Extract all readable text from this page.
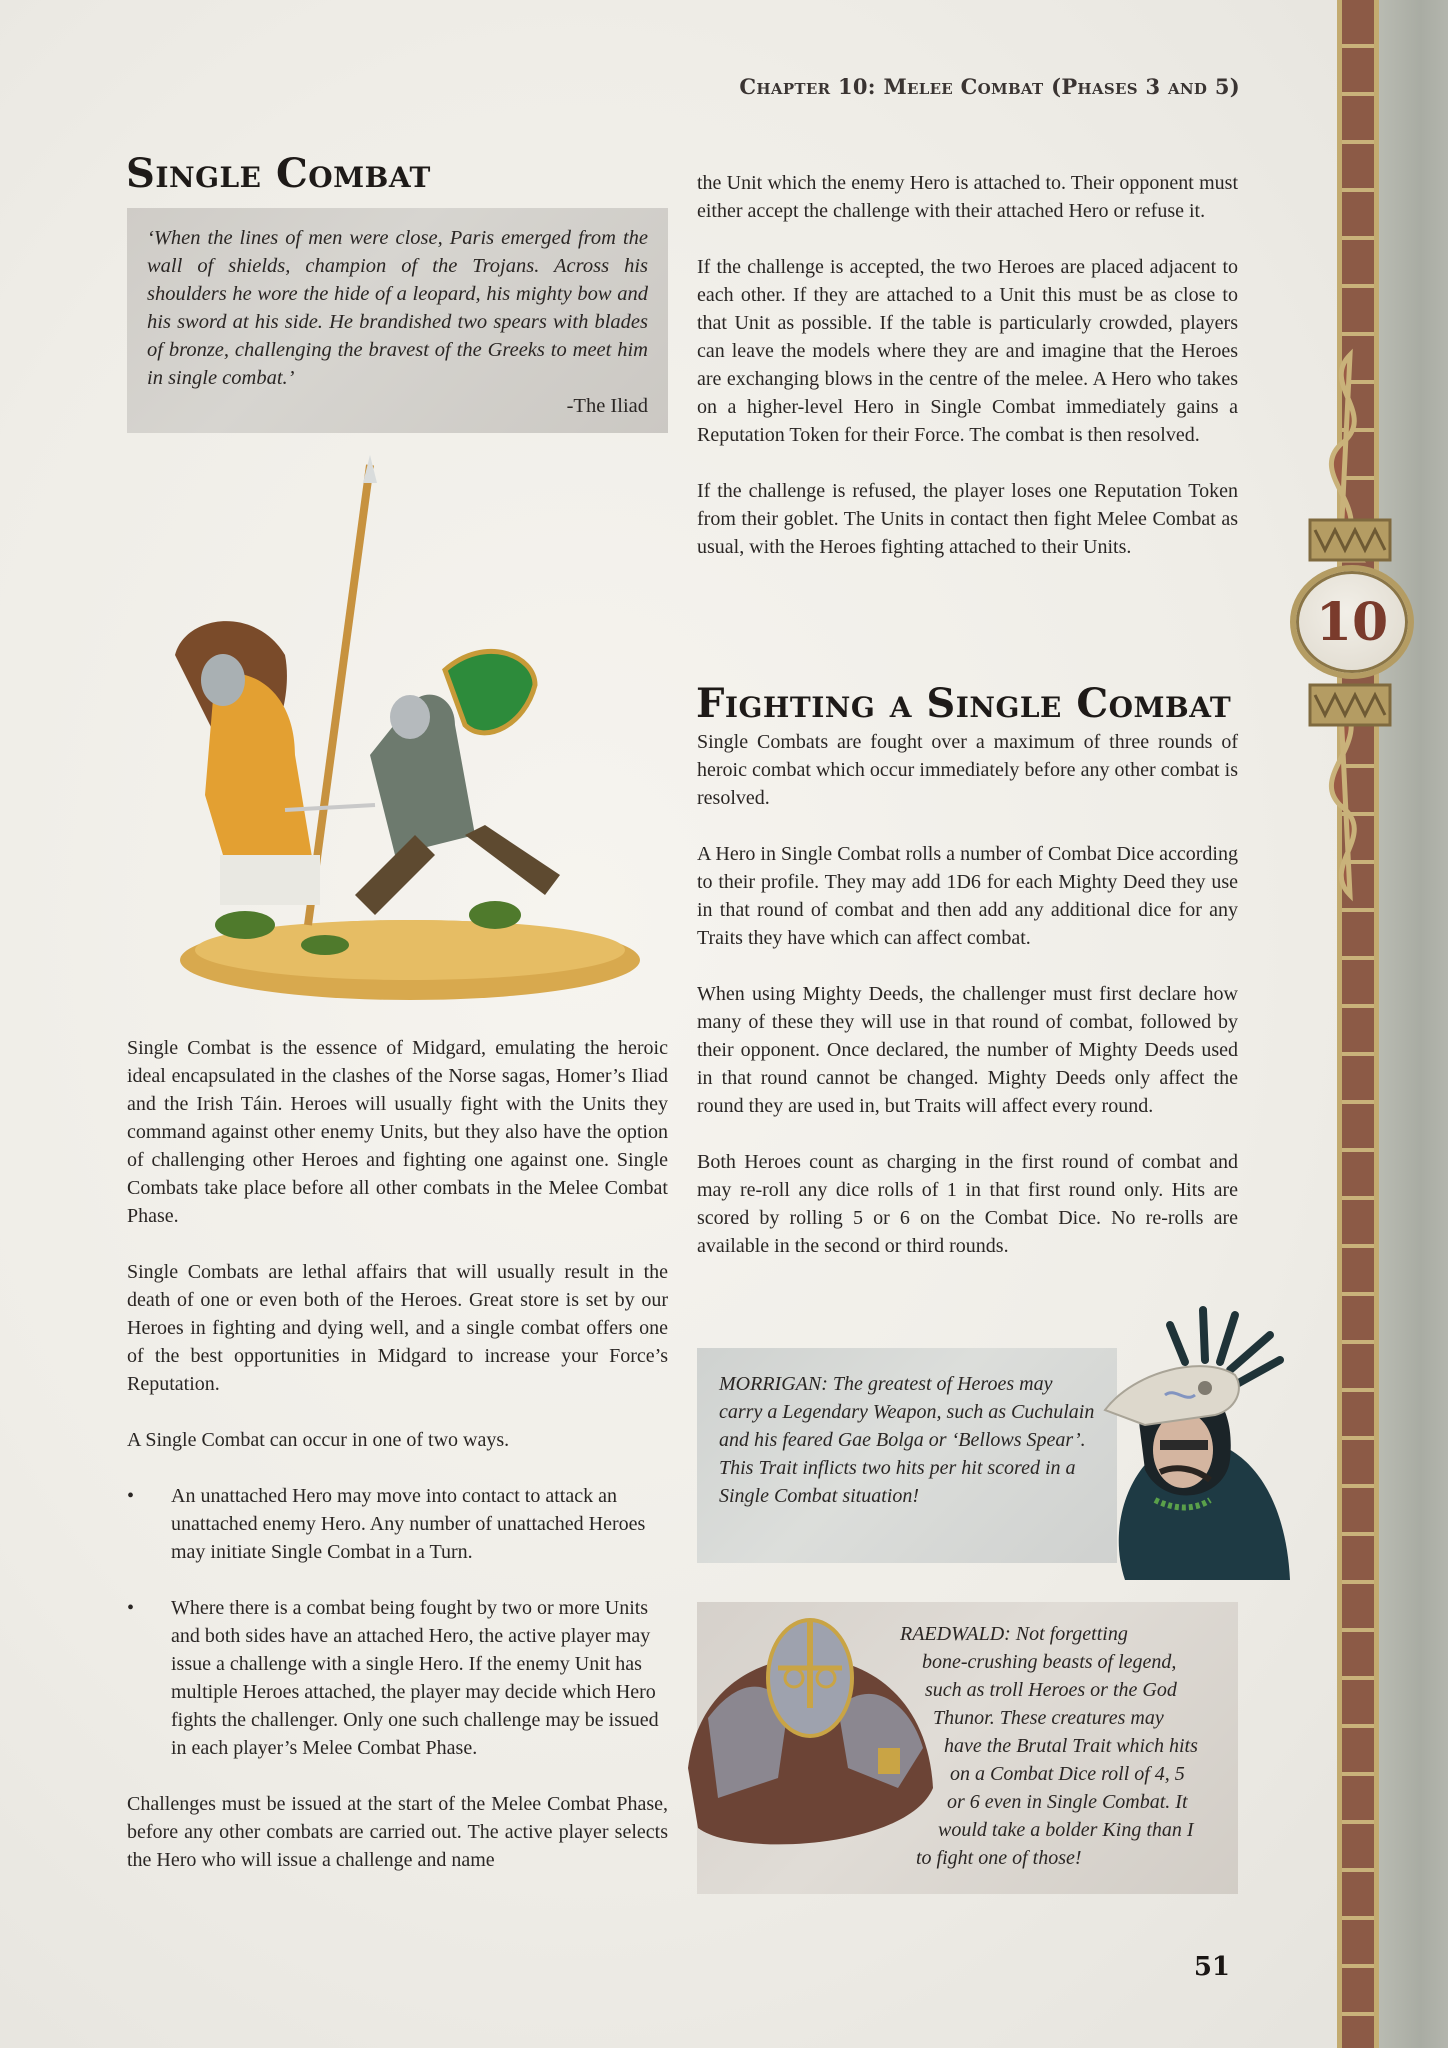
10
Chapter 10: Melee Combat (Phases 3 and 5)
Single Combat
‘When the lines of men were close, Paris emerged from the wall of shields, champion of the Trojans. Across his shoulders he wore the hide of a leopard, his mighty bow and his sword at his side. He brandished two spears with blades of bronze, challenging the bravest of the Greeks to meet him in single combat.’
-The Iliad

Single Combat is the essence of Midgard, emulating the heroic ideal encapsulated in the clashes of the Norse sagas, Homer’s Iliad and the Irish Táin. Heroes will usually fight with the Units they command against other enemy Units, but they also have the option of challenging other Heroes and fighting one against one. Single Combats take place before all other combats in the Melee Combat Phase.

Single Combats are lethal affairs that will usually result in the death of one or even both of the Heroes. Great store is set by our Heroes in fighting and dying well, and a single combat offers one of the best opportunities in Midgard to increase your Force’s Reputation.

A Single Combat can occur in one of two ways.

• An unattached Hero may move into contact to attack an unattached enemy Hero. Any number of unattached Heroes may initiate Single Combat in a Turn.
• Where there is a combat being fought by two or more Units and both sides have an attached Hero, the active player may issue a challenge with a single Hero. If the enemy Unit has multiple Heroes attached, the player may decide which Hero fights the challenger. Only one such challenge may be issued in each player’s Melee Combat Phase.

Challenges must be issued at the start of the Melee Combat Phase, before any other combats are carried out. The active player selects the Hero who will issue a challenge and name

the Unit which the enemy Hero is attached to. Their opponent must either accept the challenge with their attached Hero or refuse it.

If the challenge is accepted, the two Heroes are placed adjacent to each other. If they are attached to a Unit this must be as close to that Unit as possible. If the table is particularly crowded, players can leave the models where they are and imagine that the Heroes are exchanging blows in the centre of the melee. A Hero who takes on a higher-level Hero in Single Combat immediately gains a Reputation Token for their Force. The combat is then resolved.

If the challenge is refused, the player loses one Reputation Token from their goblet. The Units in contact then fight Melee Combat as usual, with the Heroes fighting attached to their Units.

Fighting a Single Combat

Single Combats are fought over a maximum of three rounds of heroic combat which occur immediately before any other combat is resolved.

A Hero in Single Combat rolls a number of Combat Dice according to their profile. They may add 1D6 for each Mighty Deed they use in that round of combat and then add any additional dice for any Traits they have which can affect combat.

When using Mighty Deeds, the challenger must first declare how many of these they will use in that round of combat, followed by their opponent. Once declared, the number of Mighty Deeds used in that round cannot be changed. Mighty Deeds only affect the round they are used in, but Traits will affect every round.

Both Heroes count as charging in the first round of combat and may re-roll any dice rolls of 1 in that first round only. Hits are scored by rolling 5 or 6 on the Combat Dice. No re-rolls are available in the second or third rounds.

MORRIGAN: The greatest of Heroes may carry a Legendary Weapon, such as Cuchulain and his feared Gae Bolga or ‘Bellows Spear’. This Trait inflicts two hits per hit scored in a Single Combat situation!
RAEDWALD: Not forgetting
bone-crushing beasts of legend,
such as troll Heroes or the God
Thunor. These creatures may
have the Brutal Trait which hits
on a Combat Dice roll of 4, 5
or 6 even in Single Combat. It
would take a bolder King than I
to fight one of those!
51
